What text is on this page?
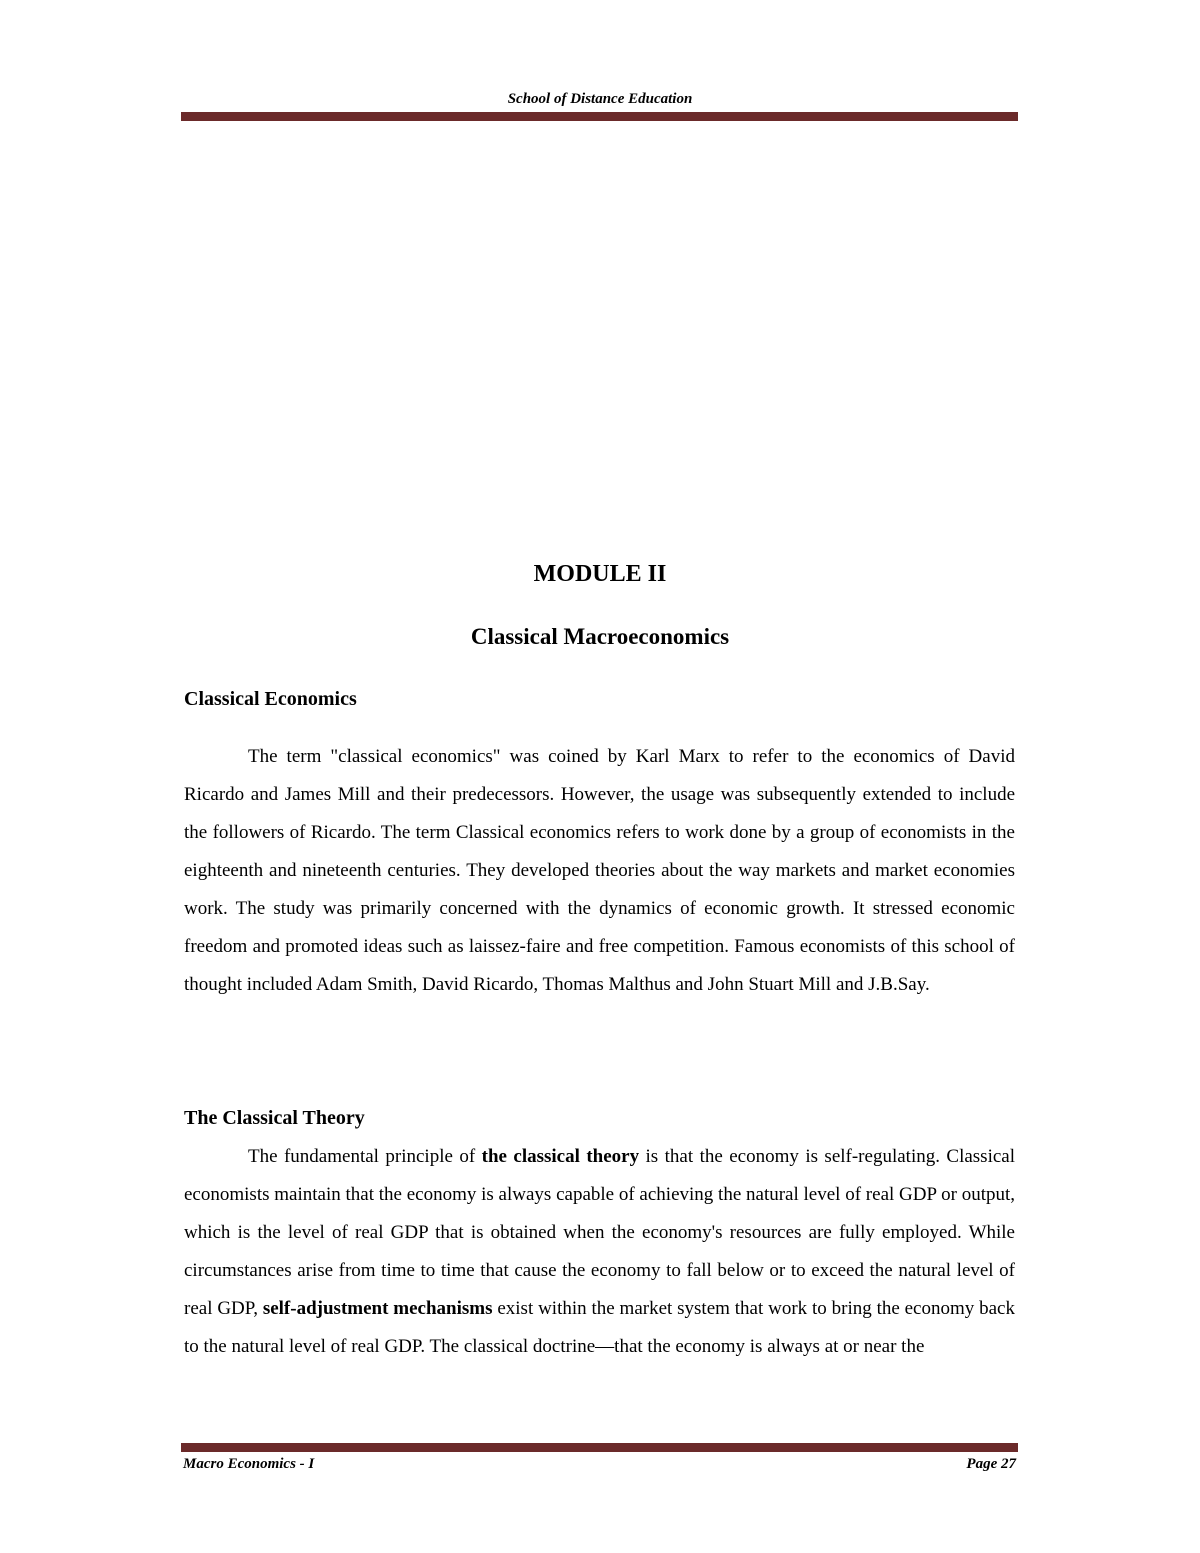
School of Distance Education
MODULE II
Classical Macroeconomics
Classical Economics
The term "classical economics" was coined by Karl Marx to refer to the economics of David Ricardo and James Mill and their predecessors. However, the usage was subsequently extended to include the followers of Ricardo. The term Classical economics refers to work done by a group of economists in the eighteenth and nineteenth centuries. They developed theories about the way markets and market economies work. The study was primarily concerned with the dynamics of economic growth. It stressed economic freedom and promoted ideas such as laissez-faire and free competition. Famous economists of this school of thought included Adam Smith, David Ricardo, Thomas Malthus and John Stuart Mill and J.B.Say.
The Classical Theory
The fundamental principle of the classical theory is that the economy is self-regulating. Classical economists maintain that the economy is always capable of achieving the natural level of real GDP or output, which is the level of real GDP that is obtained when the economy's resources are fully employed. While circumstances arise from time to time that cause the economy to fall below or to exceed the natural level of real GDP, self-adjustment mechanisms exist within the market system that work to bring the economy back to the natural level of real GDP. The classical doctrine—that the economy is always at or near the
Macro Economics - I	Page 27
